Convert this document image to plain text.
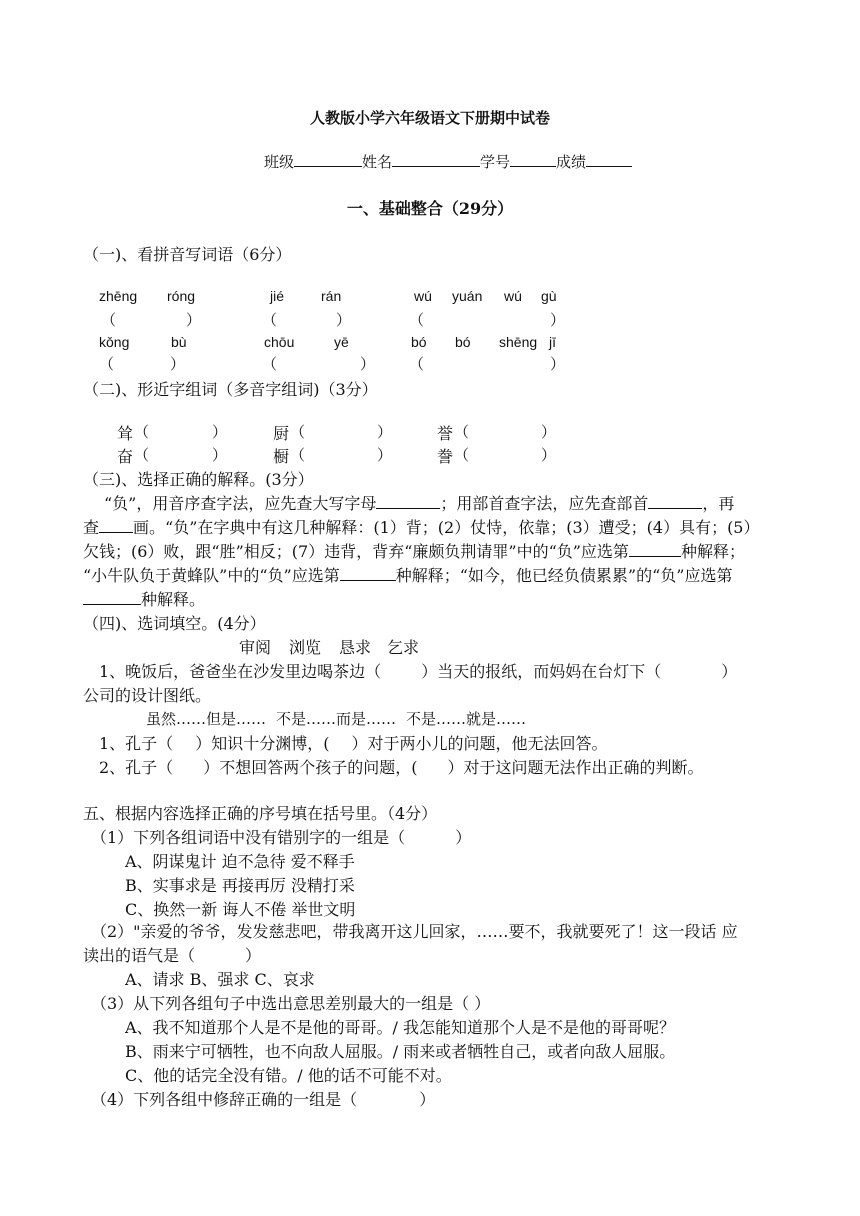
人教版小学六年级语文下册期中试卷
班级	姓名	学号	成绩
一、基础整合（29分）
（一)、看拼音写词语（6分）
zhēnɡ rónɡ	jié	rán	wú yuán wú ɡù
（	）	（	）	（	）
kǒnɡ	bù	chōu	yē	bó bó shēnɡ jī
（	）	（	） （	）
（二)、形近字组词（多音字组词)（3分）
耸 （	）	厨 （	）	誉 （	）
奋 （	）	橱 （	）	誊 （	）
（三)、选择正确的解释。(3分）
“负”，用音序查字法，应先查大写字母	；用部首查字法，应先查部首	，再
查 画。“负”在字典中有这几种解释：(1）背；(2）仗恃，依靠；(3）遭受；(4）具有；(5）
欠钱；(6）败，跟“胜”相反；(7）违背，背弃“廉颇负荆请罪”中的“负”应选第	种解释；
“小牛队负于黄蜂队”中的“负”应选第	种解释；“如今，他已经负债累累”的“负”应选第
种解释。
（四)、选词填空。(4分）
审阅 浏览 恳求 乞求
1、晚饭后，爸爸坐在沙发里边喝茶边（	）当天的报纸，而妈妈在台灯下（	）
公司的设计图纸。
虽然……但是…… 不是……而是…… 不是……就是……
1、孔子（ ）知识十分渊博，( ）对于两小儿的问题，他无法回答。
2、孔子（ ）不想回答两个孩子的问题，( ）对于这问题无法作出正确的判断。
五、根据内容选择正确的序号填在括号里。（4分）
（1）下列各组词语中没有错别字的一组是（	）
A、阴谋鬼计 迫不急待 爱不释手
B、实事求是 再接再厉 没精打采
C、换然一新 诲人不倦 举世文明
（2）"亲爱的爷爷，发发慈悲吧，带我离开这儿回家，……要不，我就要死了！这一段话 应
读出的语气是（	）
A、请求 B、强求 C、哀求
（3）从下列各组句子中选出意思差别最大的一组是（ ）
A、我不知道那个人是不是他的哥哥。/ 我怎能知道那个人是不是他的哥哥呢？
B、雨来宁可牺牲，也不向敌人屈服。/ 雨来或者牺牲自己，或者向敌人屈服。
C、他的话完全没有错。/ 他的话不可能不对。
（4）下列各组中修辞正确的一组是（	）
